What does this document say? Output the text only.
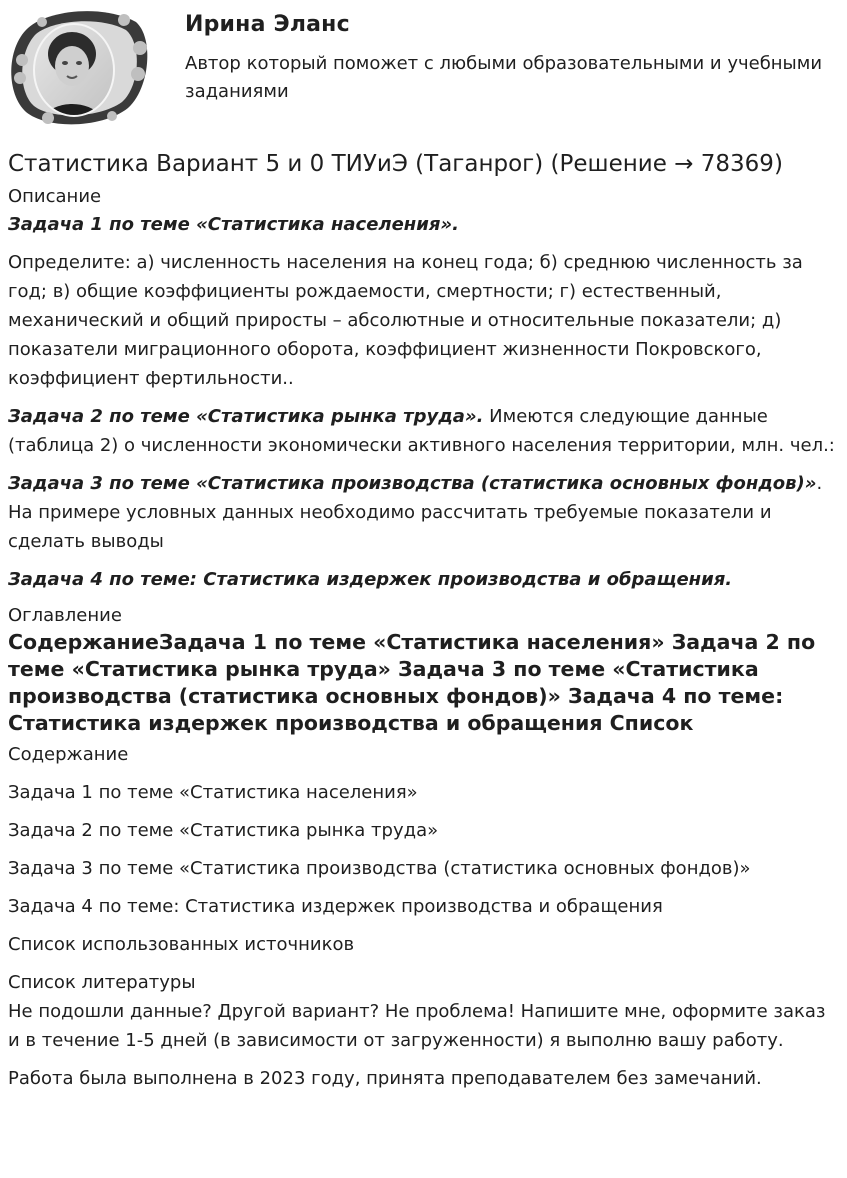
Ирина Эланс

Автор который поможет с любыми образовательными и учебными заданиями

Статистика Вариант 5 и 0 ТИУиЭ (Таганрог) (Решение → 78369)
Описание

Задача 1 по теме «Статистика населения».

Определите: а) численность населения на конец года; б) среднюю численность за год; в) общие коэффициенты рождаемости, смертности; г) естественный, механический и общий приросты – абсолютные и относительные показатели; д) показатели миграционного оборота, коэффициент жизненности Покровского, коэффициент фертильности..

Задача 2 по теме «Статистика рынка труда». Имеются следующие данные (таблица 2) о численности экономически активного населения территории, млн. чел.:

Задача 3 по теме «Статистика производства (статистика основных фондов)». На примере условных данных необходимо рассчитать требуемые показатели и сделать выводы

Задача 4 по теме: Статистика издержек производства и обращения.

Оглавление
СодержаниеЗадача 1 по теме «Статистика населения» Задача 2 по теме «Статистика рынка труда» Задача 3 по теме «Статистика производства (статистика основных фондов)» Задача 4 по теме: Статистика издержек производства и обращения Список
Содержание
Задача 1 по теме «Статистика населения»
Задача 2 по теме «Статистика рынка труда»
Задача 3 по теме «Статистика производства (статистика основных фондов)»
Задача 4 по теме: Статистика издержек производства и обращения
Список использованных источников
Список литературы

Не подошли данные? Другой вариант? Не проблема! Напишите мне, оформите заказ и в течение 1-5 дней (в зависимости от загруженности) я выполню вашу работу.

Работа была выполнена в 2023 году, принята преподавателем без замечаний.
